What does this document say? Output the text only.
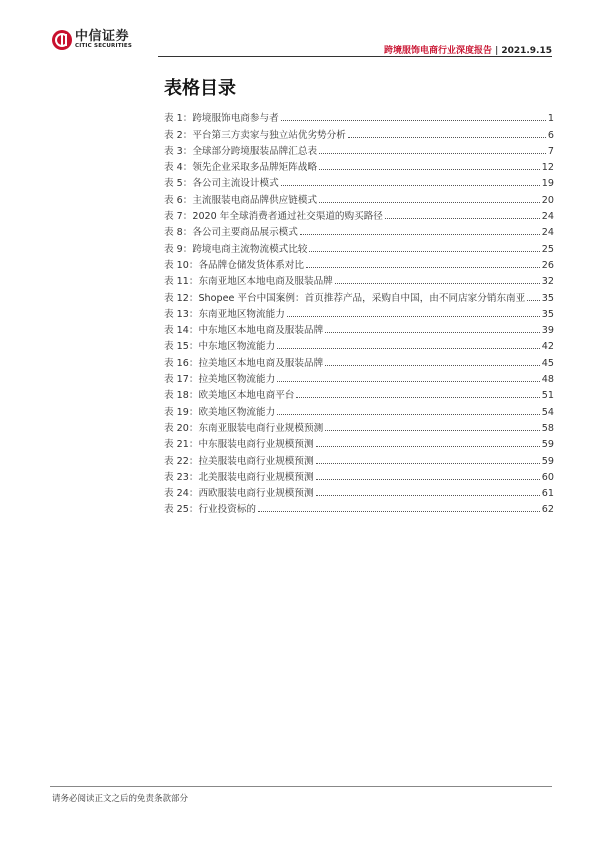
中信证券
CITIC SECURITIES	跨境服饰电商行业深度报告 | 2021.9.15
表格目录
表 1：跨境服饰电商参与者	1
表 2：平台第三方卖家与独立站优劣势分析	6
表 3：全球部分跨境服装品牌汇总表	7
表 4：领先企业采取多品牌矩阵战略	12
表 5：各公司主流设计模式	19
表 6：主流服装电商品牌供应链模式	20
表 7：2020 年全球消费者通过社交渠道的购买路径	24
表 8：各公司主要商品展示模式	24
表 9：跨境电商主流物流模式比较	25
表 10：各品牌仓储发货体系对比	26
表 11：东南亚地区本地电商及服装品牌	32
表 12：Shopee 平台中国案例：首页推荐产品，采购自中国，由不同店家分销东南亚 35
表 13：东南亚地区物流能力	35
表 14：中东地区本地电商及服装品牌	39
表 15：中东地区物流能力	42
表 16：拉美地区本地电商及服装品牌	45
表 17：拉美地区物流能力	48
表 18：欧美地区本地电商平台	51
表 19：欧美地区物流能力	54
表 20：东南亚服装电商行业规模预测	58
表 21：中东服装电商行业规模预测	59
表 22：拉美服装电商行业规模预测	59
表 23：北美服装电商行业规模预测	60
表 24：西欧服装电商行业规模预测	61
表 25：行业投资标的	62
请务必阅读正文之后的免责条款部分
